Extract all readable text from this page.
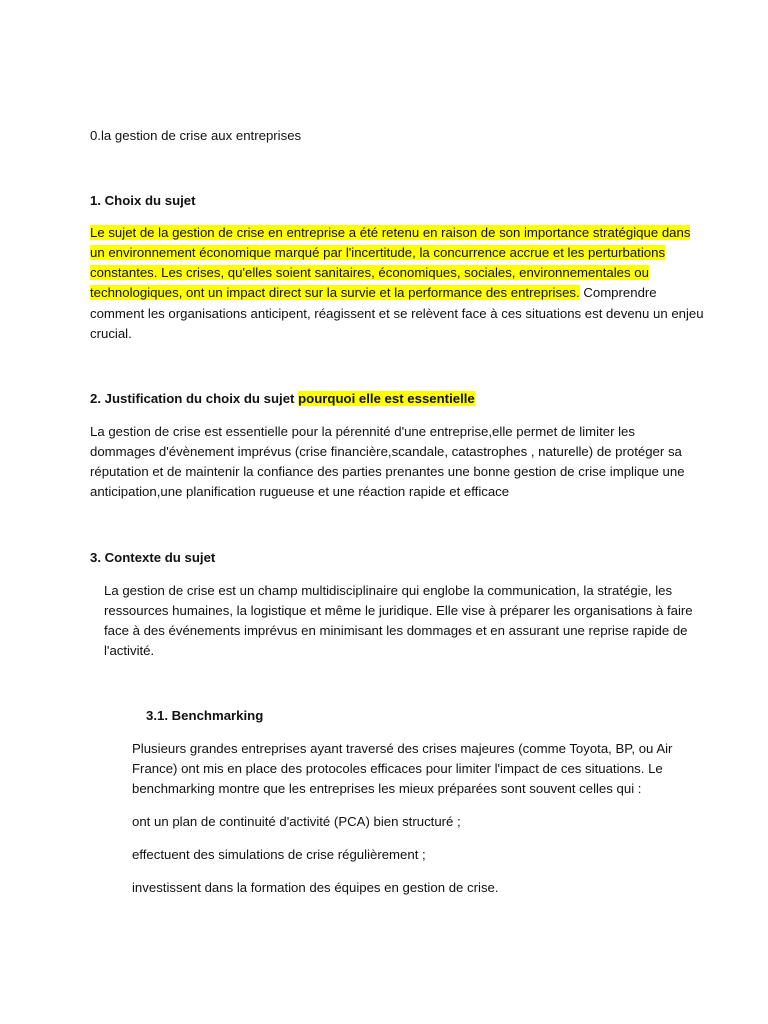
0.la gestion de crise aux entreprises

1. Choix du sujet

Le sujet de la gestion de crise en entreprise a été retenu en raison de son importance stratégique dans

un environnement économique marqué par l'incertitude, la concurrence accrue et les perturbations

constantes. Les crises, qu'elles soient sanitaires, économiques, sociales, environnementales ou

technologiques, ont un impact direct sur la survie et la performance des entreprises. Comprendre

comment les organisations anticipent, réagissent et se relèvent face à ces situations est devenu un enjeu

crucial.

2. Justification du choix du sujet pourquoi elle est essentielle

La gestion de crise est essentielle pour la pérennité d'une entreprise,elle permet de limiter les

dommages d'évènement imprévus (crise financière,scandale, catastrophes , naturelle) de protéger sa

réputation et de maintenir la confiance des parties prenantes une bonne gestion de crise implique une

anticipation,une planification rugueuse et une réaction rapide et efficace

3. Contexte du sujet

La gestion de crise est un champ multidisciplinaire qui englobe la communication, la stratégie, les

ressources humaines, la logistique et même le juridique. Elle vise à préparer les organisations à faire

face à des événements imprévus en minimisant les dommages et en assurant une reprise rapide de

l'activité.

3.1. Benchmarking

Plusieurs grandes entreprises ayant traversé des crises majeures (comme Toyota, BP, ou Air

France) ont mis en place des protocoles efficaces pour limiter l'impact de ces situations. Le

benchmarking montre que les entreprises les mieux préparées sont souvent celles qui :

ont un plan de continuité d'activité (PCA) bien structuré ;

effectuent des simulations de crise régulièrement ;

investissent dans la formation des équipes en gestion de crise.
